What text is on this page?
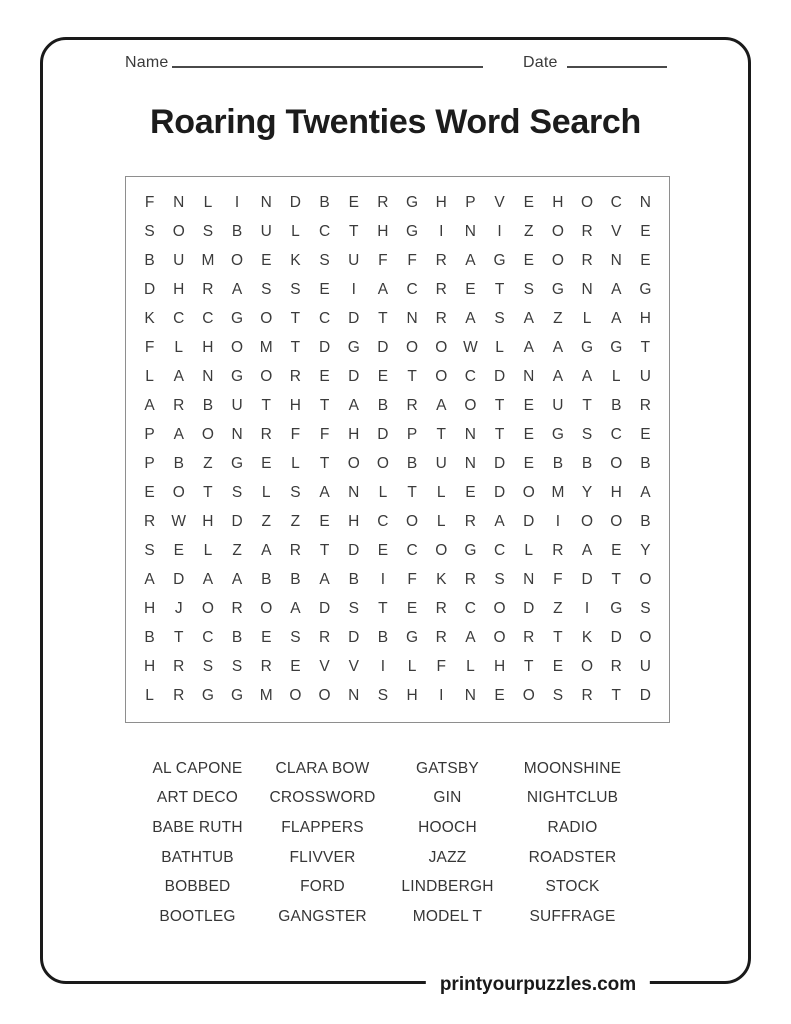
Name	Date
Roaring Twenties Word Search
F	N	L	I	N	D	B	E	R	G	H	P	V	E	H	O	C	N
S	O	S	B	U	L	C	T	H	G	I	N	I	Z	O	R	V	E
B	U	M	O	E	K	S	U	F	F	R	A	G	E	O	R	N	E
D	H	R	A	S	S	E	I	A	C	R	E	T	S	G	N	A	G
K	C	C	G	O	T	C	D	T	N	R	A	S	A	Z	L	A	H
F	L	H	O	M	T	D	G	D	O	O	W	L	A	A	G	G	T
L	A	N	G	O	R	E	D	E	T	O	C	D	N	A	A	L	U
A	R	B	U	T	H	T	A	B	R	A	O	T	E	U	T	B	R
P	A	O	N	R	F	F	H	D	P	T	N	T	E	G	S	C	E
P	B	Z	G	E	L	T	O	O	B	U	N	D	E	B	B	O	B
E	O	T	S	L	S	A	N	L	T	L	E	D	O	M	Y	H	A
R	W	H	D	Z	Z	E	H	C	O	L	R	A	D	I	O	O	B
S	E	L	Z	A	R	T	D	E	C	O	G	C	L	R	A	E	Y
A	D	A	A	B	B	A	B	I	F	K	R	S	N	F	D	T	O
H	J	O	R	O	A	D	S	T	E	R	C	O	D	Z	I	G	S
B	T	C	B	E	S	R	D	B	G	R	A	O	R	T	K	D	O
H	R	S	S	R	E	V	V	I	L	F	L	H	T	E	O	R	U
L	R	G	G	M	O	O	N	S	H	I	N	E	O	S	R	T	D
AL CAPONE
ART DECO
BABE RUTH
BATHTUB
BOBBED
BOOTLEG
CLARA BOW
CROSSWORD
FLAPPERS
FLIVVER
FORD
GANGSTER
GATSBY
GIN
HOOCH
JAZZ
LINDBERGH
MODEL T
MOONSHINE
NIGHTCLUB
RADIO
ROADSTER
STOCK
SUFFRAGE
printyourpuzzles.com
